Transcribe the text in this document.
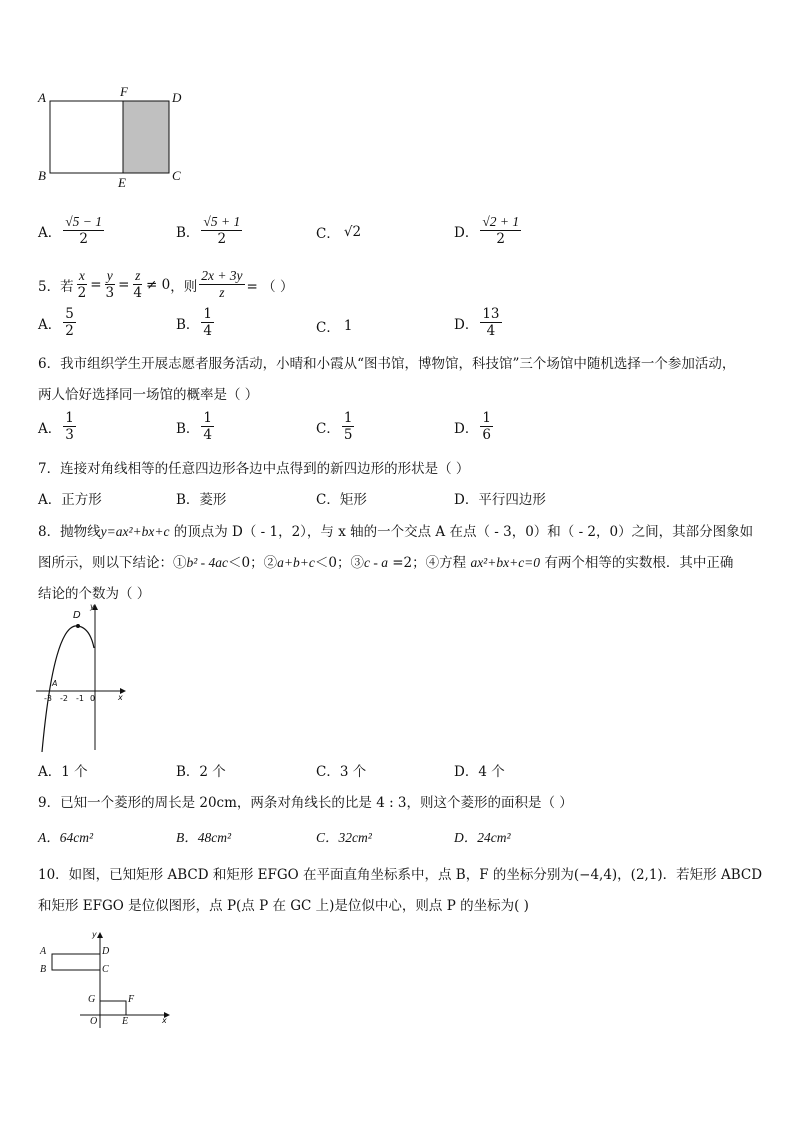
A	F	D
B	E	C
A． $\frac{√5 - 1}{2}$	B． $\frac{√5 + 1}{2}$	C． √2	D． $\frac{√2 + 1}{2}$
5．若 $\frac{x}{2} = \frac{y}{3} = \frac{z}{4} \ne 0$ ，则 $\frac{2x + 3y}{z}$ = （ ）
A． $\frac{5}{2}$	B． $\frac{1}{4}$	C． 1	D． $\frac{13}{4}$
6．我市组织学生开展志愿者服务活动，小晴和小霞从“图书馆，博物馆，科技馆”三个场馆中随机选择一个参加活动，
两人恰好选择同一场馆的概率是（ ）
A． $\frac{1}{3}$	B． $\frac{1}{4}$	C． $\frac{1}{5}$	D． $\frac{1}{6}$
7．连接对角线相等的任意四边形各边中点得到的新四边形的形状是（ ）
A．正方形	B．菱形	C．矩形	D．平行四边形
8．抛物线y=ax²+bx+c 的顶点为 D（ - 1，2），与 x 轴的一个交点 A 在点（ - 3，0）和（ - 2，0）之间，其部分图象如
图所示，则以下结论：①b² - 4ac＜0；②a+b+c＜0；③c - a =2；④方程 ax²+bx+c=0 有两个相等的实数根．其中正确
结论的个数为（ ）
D
y
x
A
-3 -2 -1 0
A．1 个	B．2 个	C．3 个	D．4 个
9．已知一个菱形的周长是 20cm，两条对角线长的比是 4 : 3，则这个菱形的面积是（ ）
A．64cm²	B．48cm²	C．32cm²	D．24cm²
10．如图，已知矩形 ABCD 和矩形 EFGO 在平面直角坐标系中，点 B，F 的坐标分别为(−4,4)，(2,1)．若矩形 ABCD
和矩形 EFGO 是位似图形，点 P(点 P 在 GC 上)是位似中心，则点 P 的坐标为( )
y
x
A
B
D
C
G	F
O E
